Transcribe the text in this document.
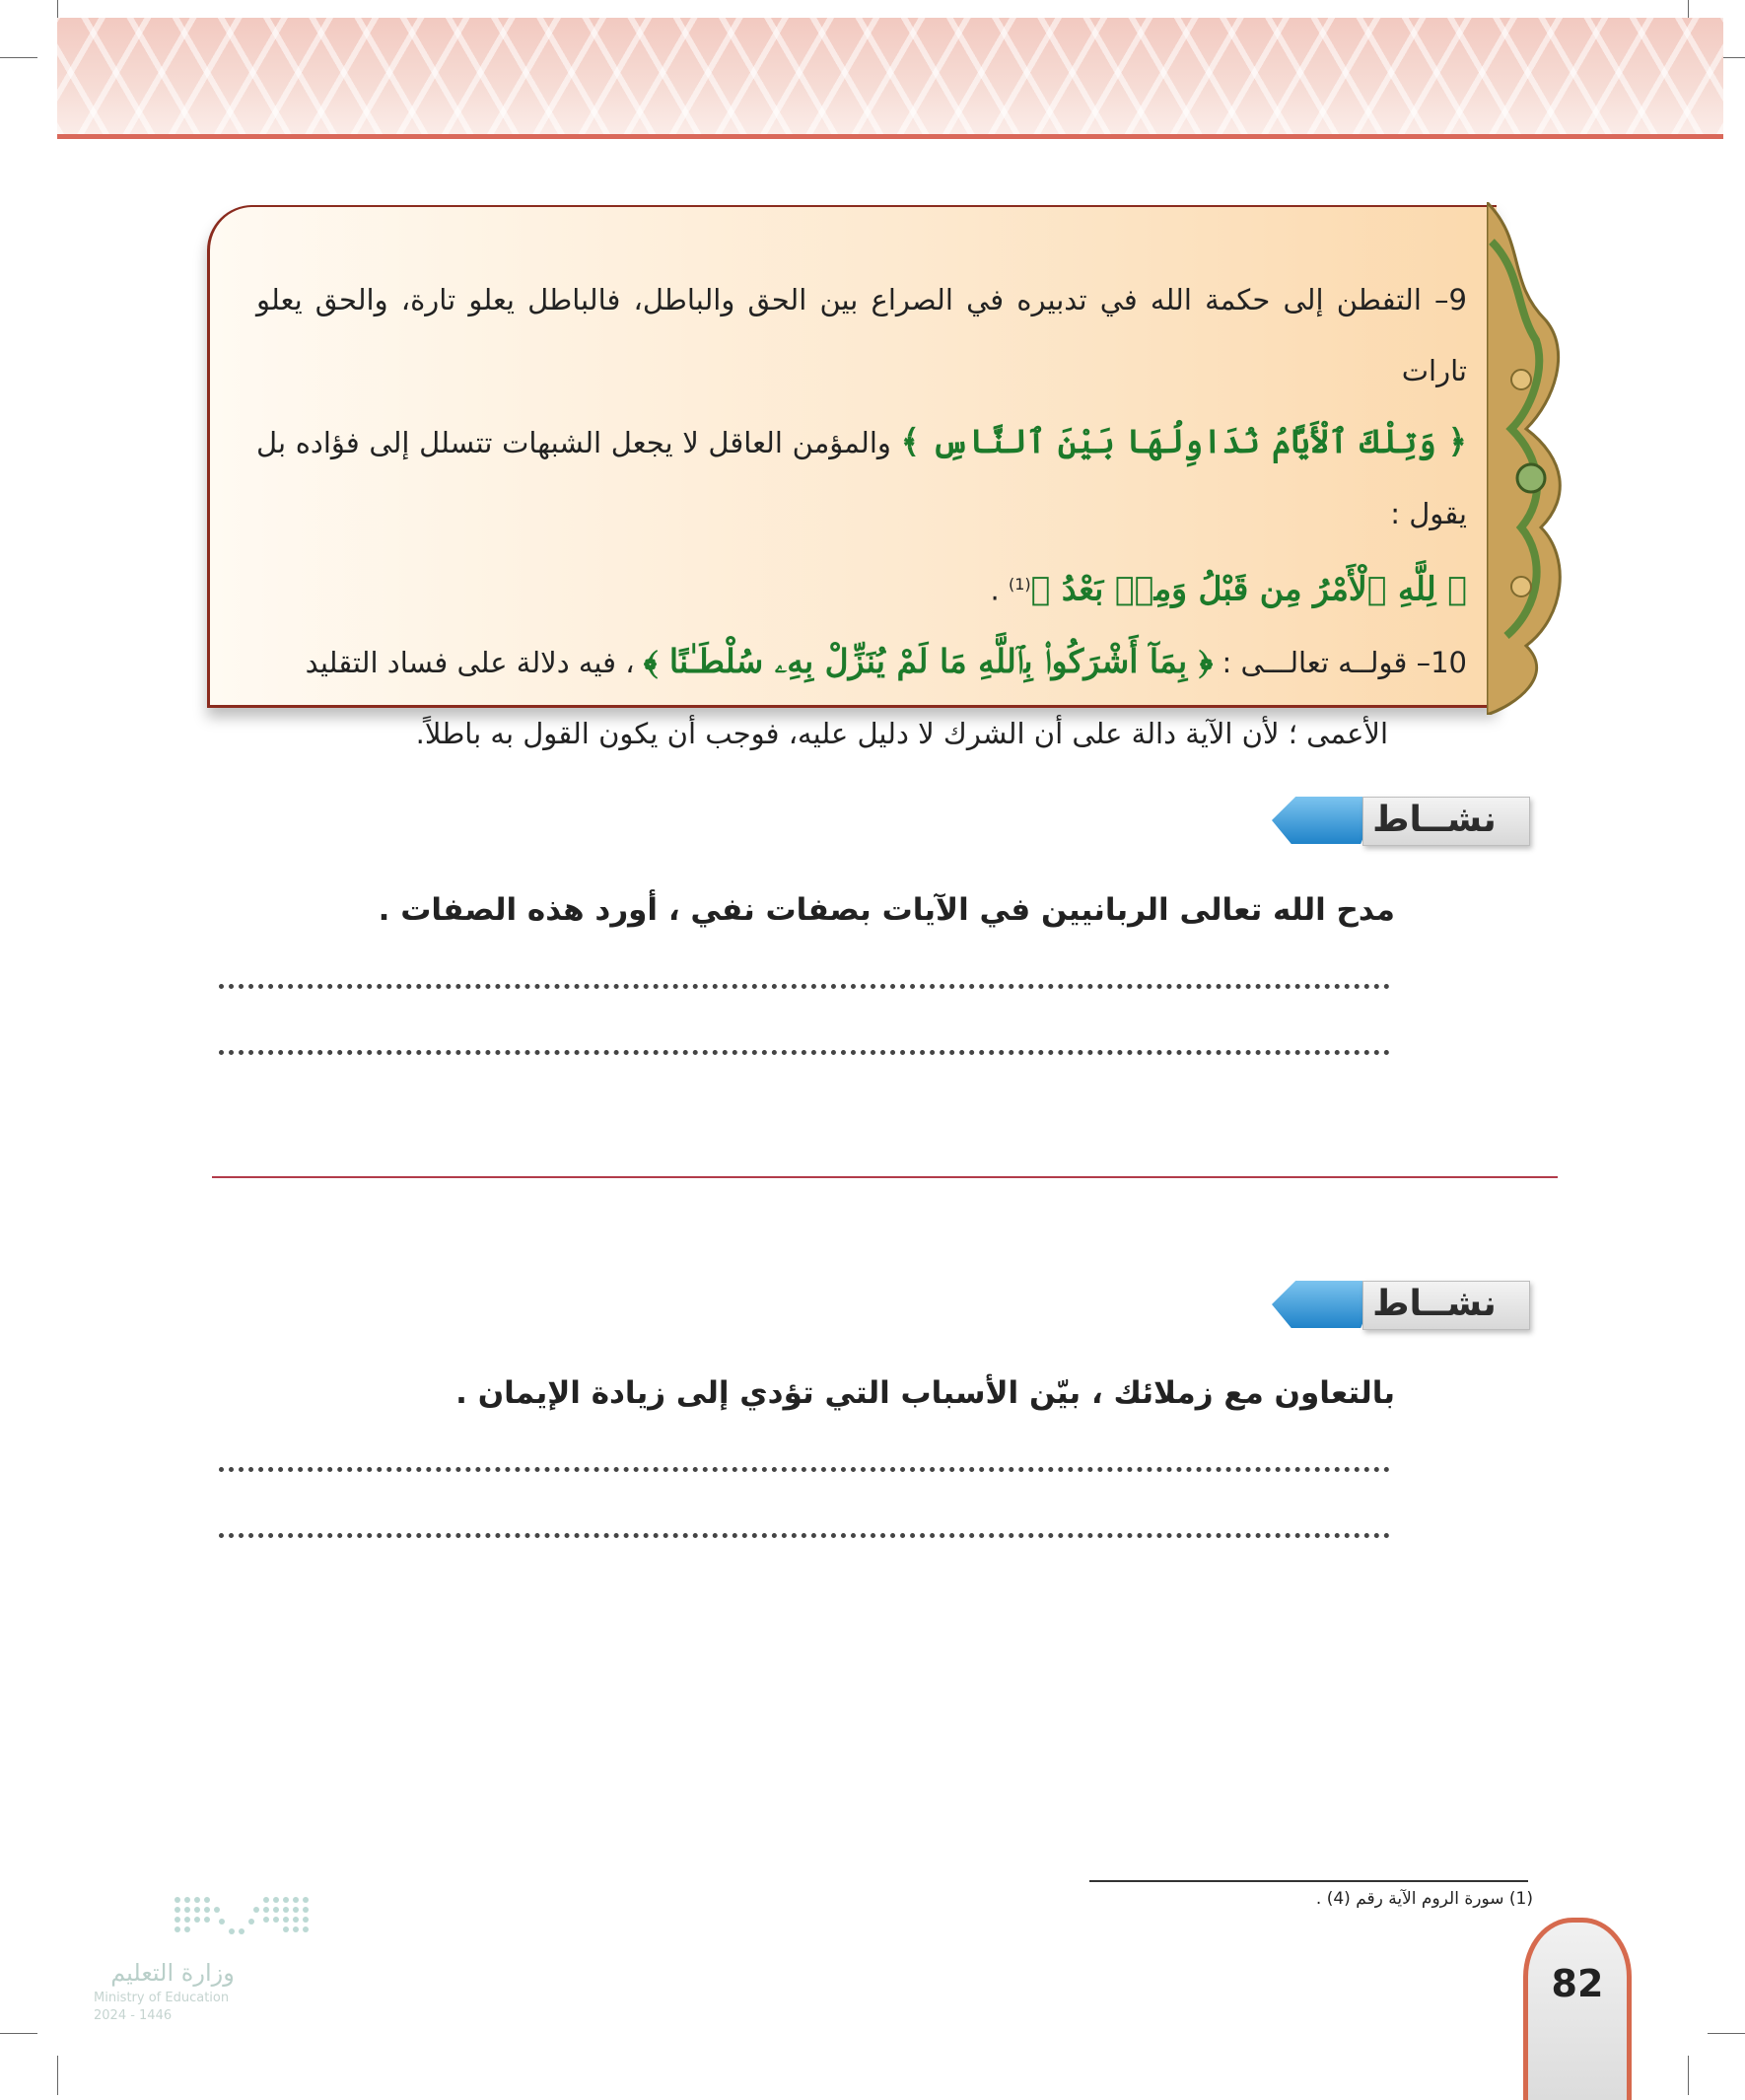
9– التفطن إلى حكمة الله في تدبيره في الصراع بين الحق والباطل، فالباطل يعلو تارة، والحق يعلو تارات

﴿ وَتِلْكَ ٱلْأَيَّامُ نُدَاوِلُهَا بَيْنَ ٱلنَّاسِ ﴾ والمؤمن العاقل لا يجعل الشبهات تتسلل إلى فؤاده بل يقول :

﴿ لِلَّهِ ٱلْأَمْرُ مِن قَبْلُ وَمِنۢ بَعْدُ ﴾$^{(1)}$ .

10– قولــه تعالـــى : ﴿ بِمَآ أَشْرَكُوا۟ بِٱللَّهِ مَا لَمْ يُنَزِّلْ بِهِۦ سُلْطَـٰنًا ﴾ ، فيه دلالة على فساد التقليد

الأعمى ؛ لأن الآية دالة على أن الشرك لا دليل عليه، فوجب أن يكون القول به باطلاً.

نشــاط
مدح الله تعالى الربانيين في الآيات بصفات نفي ، أورد هذه الصفات .
نشــاط
بالتعاون مع زملائك ، بيّن الأسباب التي تؤدي إلى زيادة الإيمان .
(1) سورة الروم الآية رقم (4) .
82
وزارة التعليم
Ministry of Education
2024 - 1446
